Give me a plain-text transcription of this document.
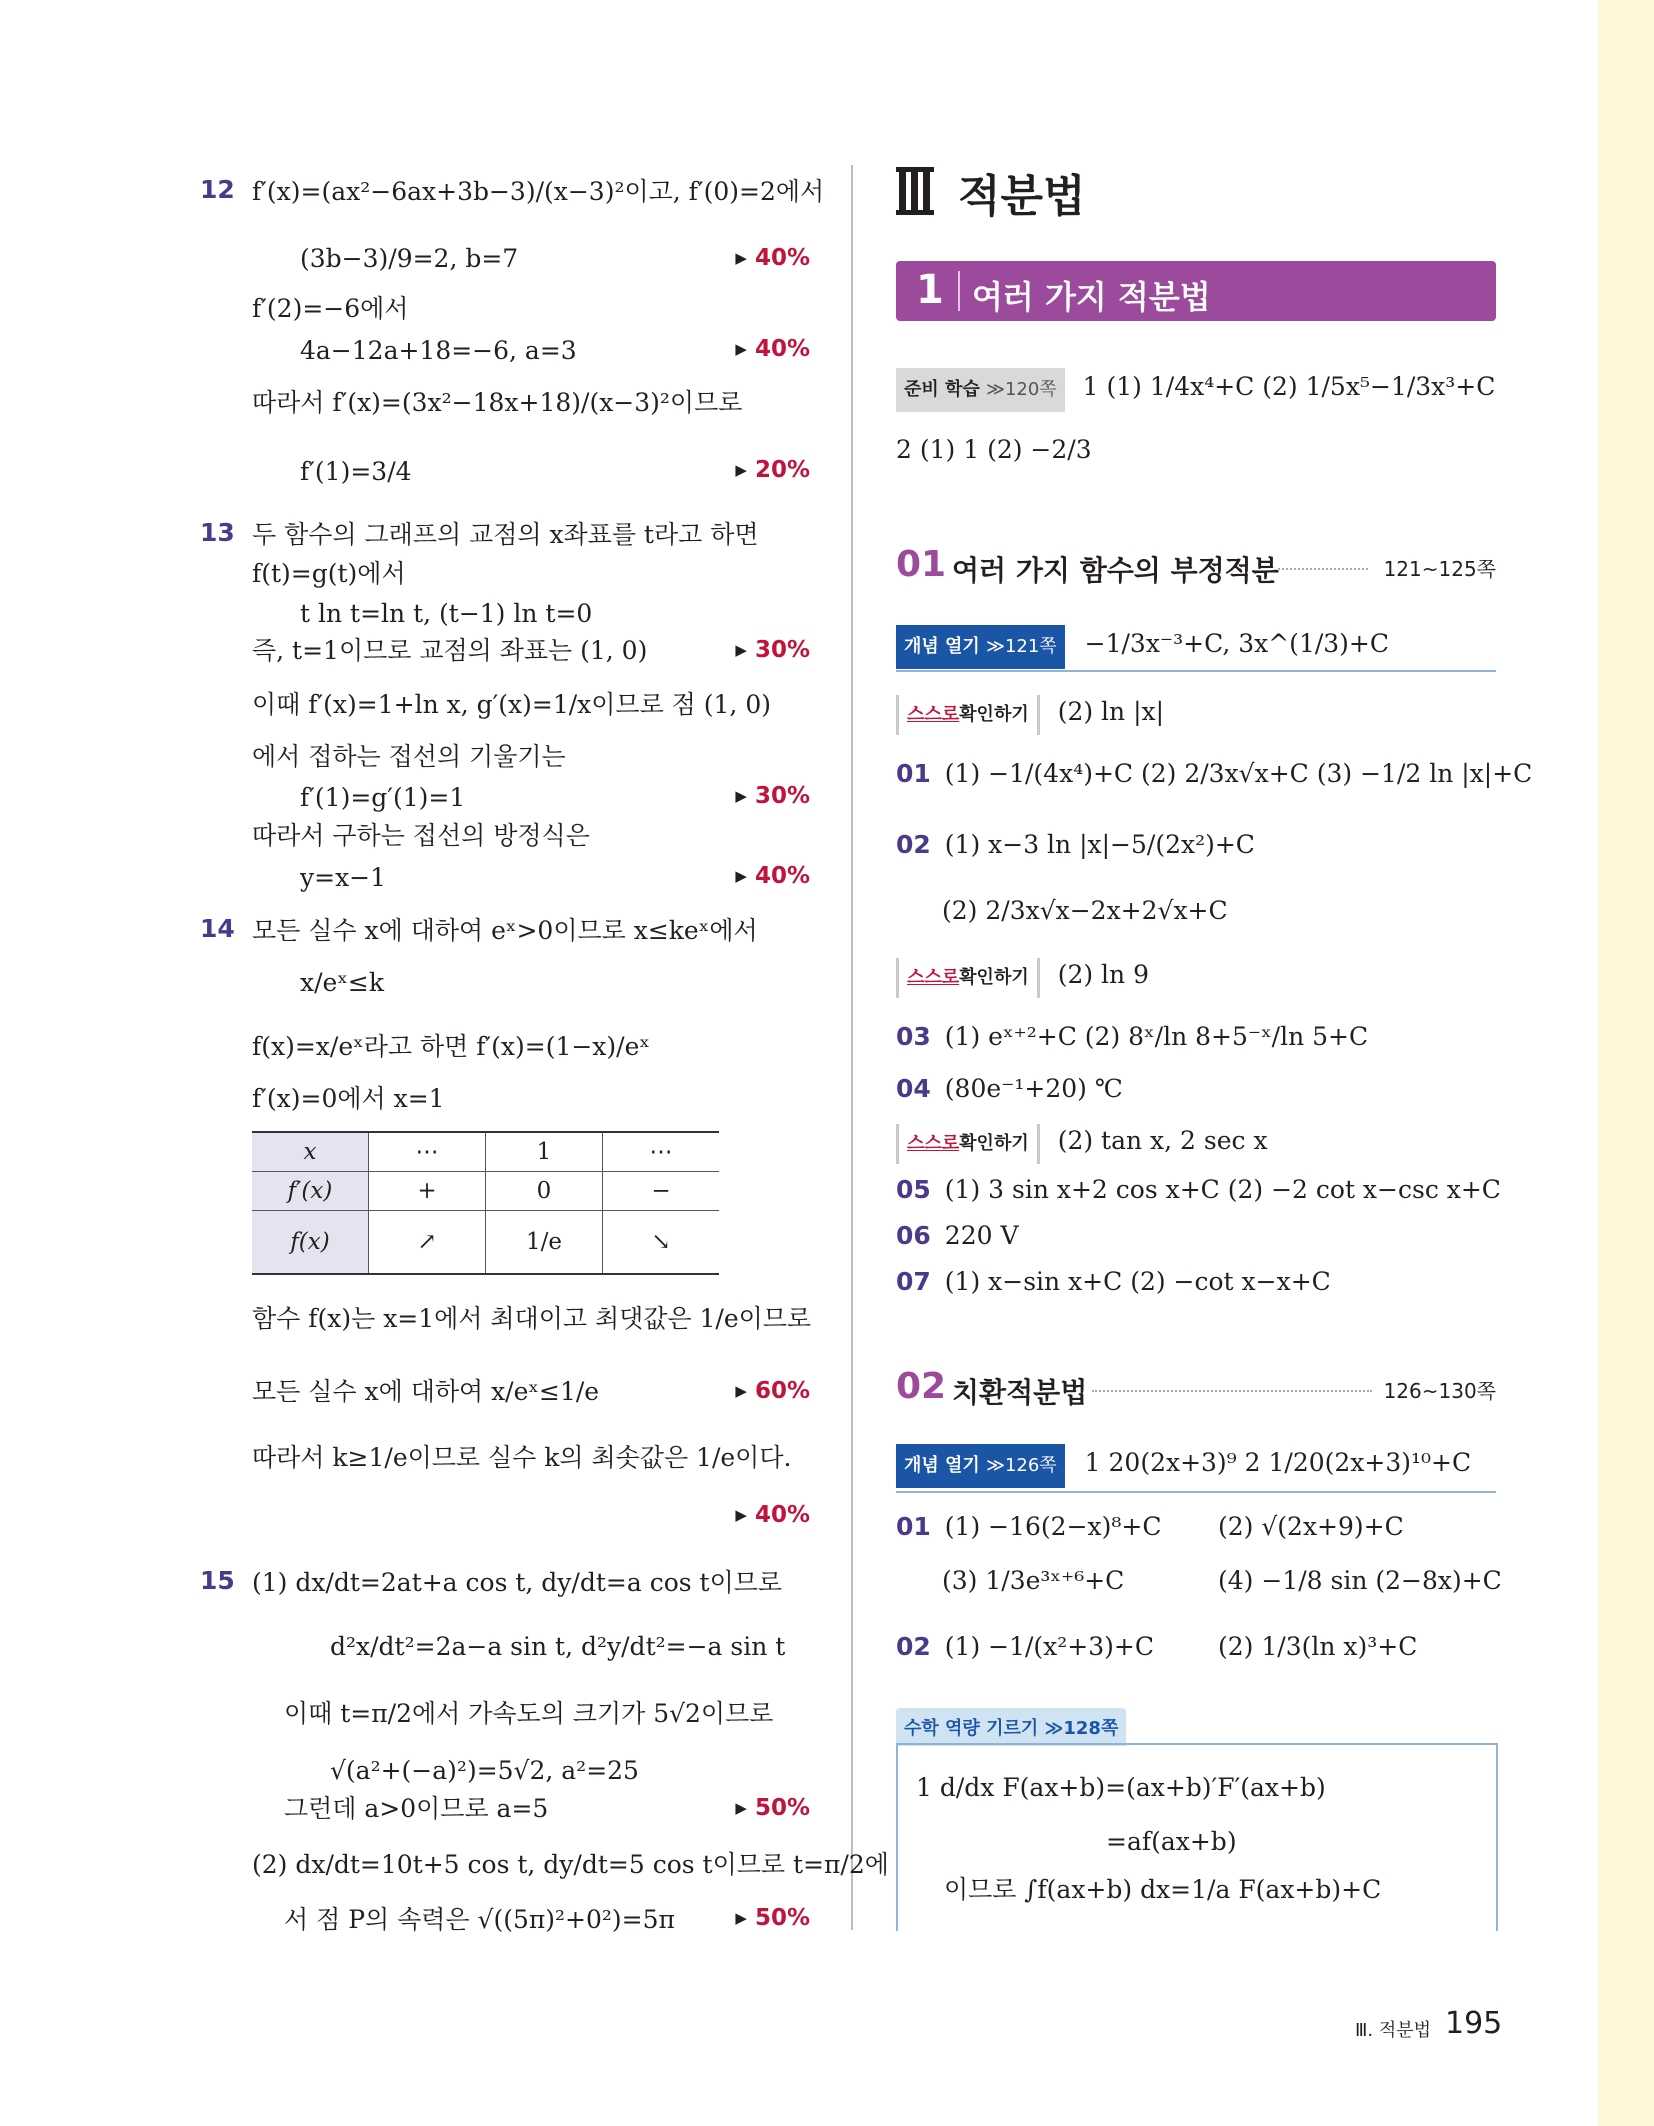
12 f′(x)=(ax²−6ax+3b−3)/(x−3)²이고, f′(0)=2에서
(3b−3)/9=2, b=7	▶ 40%
f′(2)=−6에서
4a−12a+18=−6, a=3	▶ 40%
따라서 f′(x)=(3x²−18x+18)/(x−3)²이므로
f′(1)=3/4	▶ 20%
13 두 함수의 그래프의 교점의 x좌표를 t라고 하면
f(t)=g(t)에서
t ln t=ln t, (t−1) ln t=0
즉, t=1이므로 교점의 좌표는 (1, 0)	▶ 30%
이때 f′(x)=1+ln x, g′(x)=1/x이므로 점 (1, 0)
에서 접하는 접선의 기울기는
f′(1)=g′(1)=1	▶ 30%
따라서 구하는 접선의 방정식은
y=x−1	▶ 40%
14 모든 실수 x에 대하여 eˣ>0이므로 x≤keˣ에서
x/eˣ≤k
f(x)=x/eˣ라고 하면 f′(x)=(1−x)/eˣ
f′(x)=0에서 x=1
x	⋯	1	⋯
f′(x)	+	0	−
f(x)	↗	1/e	↘
함수 f(x)는 x=1에서 최대이고 최댓값은 1/e이므로
모든 실수 x에 대하여 x/eˣ≤1/e	▶ 60%
따라서 k≥1/e이므로 실수 k의 최솟값은 1/e이다.
▶ 40%
15 (1) dx/dt=2at+a cos t, dy/dt=a cos t이므로
d²x/dt²=2a−a sin t, d²y/dt²=−a sin t
이때 t=π/2에서 가속도의 크기가 5√2이므로
√(a²+(−a)²)=5√2, a²=25
그런데 a>0이므로 a=5	▶ 50%
(2) dx/dt=10t+5 cos t, dy/dt=5 cos t이므로 t=π/2에
서 점 P의 속력은 √((5π)²+0²)=5π	▶ 50%
적분법
1 여러 가지 적분법
준비 학습 ≫120쪽 1 (1) 1/4x⁴+C (2) 1/5x⁵−1/3x³+C
2 (1) 1 (2) −2/3
01 여러 가지 함수의 부정적분	121~125쪽
개념 열기 ≫121쪽 −1/3x⁻³+C, 3x^(1/3)+C
스스로확인하기 (2) ln |x|
01 (1) −1/(4x⁴)+C (2) 2/3x√x+C (3) −1/2 ln |x|+C
02 (1) x−3 ln |x|−5/(2x²)+C
(2) 2/3x√x−2x+2√x+C
스스로확인하기 (2) ln 9
03 (1) eˣ⁺²+C (2) 8ˣ/ln 8+5⁻ˣ/ln 5+C
04 (80e⁻¹+20) ℃
스스로확인하기 (2) tan x, 2 sec x
05 (1) 3 sin x+2 cos x+C (2) −2 cot x−csc x+C
06 220 V
07 (1) x−sin x+C (2) −cot x−x+C
02 치환적분법	126~130쪽
개념 열기 ≫126쪽 1 20(2x+3)⁹ 2 1/20(2x+3)¹⁰+C
01 (1) −16(2−x)⁸+C (2) √(2x+9)+C
(3) 1/3e³ˣ⁺⁶+C	(4) −1/8 sin (2−8x)+C
02 (1) −1/(x²+3)+C	(2) 1/3(ln x)³+C
수학 역량 기르기 ≫128쪽
1 d/dx F(ax+b)=(ax+b)′F′(ax+b)
=af(ax+b)
이므로 ∫f(ax+b) dx=1/a F(ax+b)+C
Ⅲ. 적분법 195
